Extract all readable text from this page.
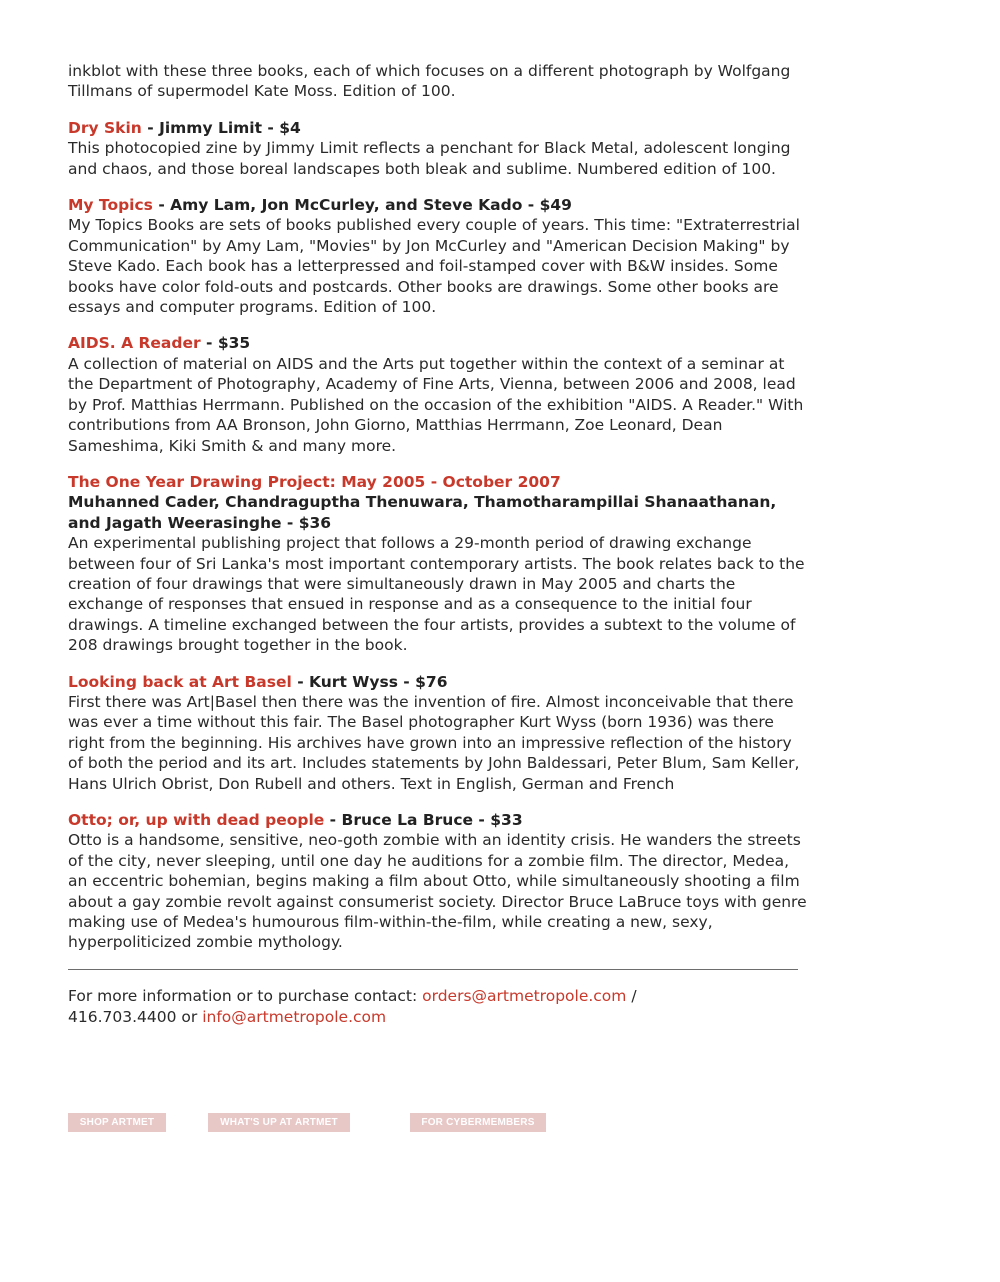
inkblot with these three books, each of which focuses on a different photograph by Wolfgang Tillmans of supermodel Kate Moss. Edition of 100.

Dry Skin - Jimmy Limit - $4

This photocopied zine by Jimmy Limit reflects a penchant for Black Metal, adolescent longing and chaos, and those boreal landscapes both bleak and sublime. Numbered edition of 100.

My Topics - Amy Lam, Jon McCurley, and Steve Kado - $49

My Topics Books are sets of books published every couple of years. This time: "Extraterrestrial Communication" by Amy Lam, "Movies" by Jon McCurley and "American Decision Making" by Steve Kado. Each book has a letterpressed and foil-stamped cover with B&W insides. Some books have color fold-outs and postcards. Other books are drawings. Some other books are essays and computer programs. Edition of 100.

AIDS. A Reader - $35

A collection of material on AIDS and the Arts put together within the context of a seminar at the Department of Photography, Academy of Fine Arts, Vienna, between 2006 and 2008, lead by Prof. Matthias Herrmann. Published on the occasion of the exhibition "AIDS. A Reader." With contributions from AA Bronson, John Giorno, Matthias Herrmann, Zoe Leonard, Dean Sameshima, Kiki Smith & and many more.

The One Year Drawing Project: May 2005 - October 2007

Muhanned Cader, Chandraguptha Thenuwara, Thamotharampillai Shanaathanan, and Jagath Weerasinghe - $36

An experimental publishing project that follows a 29-month period of drawing exchange between four of Sri Lanka's most important contemporary artists. The book relates back to the creation of four drawings that were simultaneously drawn in May 2005 and charts the exchange of responses that ensued in response and as a consequence to the initial four drawings. A timeline exchanged between the four artists, provides a subtext to the volume of 208 drawings brought together in the book.

Looking back at Art Basel - Kurt Wyss - $76

First there was Art|Basel then there was the invention of fire. Almost inconceivable that there was ever a time without this fair. The Basel photographer Kurt Wyss (born 1936) was there right from the beginning. His archives have grown into an impressive reflection of the history of both the period and its art. Includes statements by John Baldessari, Peter Blum, Sam Keller, Hans Ulrich Obrist, Don Rubell and others. Text in English, German and French

Otto; or, up with dead people - Bruce La Bruce - $33

Otto is a handsome, sensitive, neo-goth zombie with an identity crisis. He wanders the streets of the city, never sleeping, until one day he auditions for a zombie film. The director, Medea, an eccentric bohemian, begins making a film about Otto, while simultaneously shooting a film about a gay zombie revolt against consumerist society. Director Bruce LaBruce toys with genre making use of Medea's humourous film-within-the-film, while creating a new, sexy, hyperpoliticized zombie mythology.

For more information or to purchase contact: orders@artmetropole.com /
416.703.4400 or info@artmetropole.com

SHOP ARTMET	WHAT'S UP AT ARTMET	FOR CYBERMEMBERS
